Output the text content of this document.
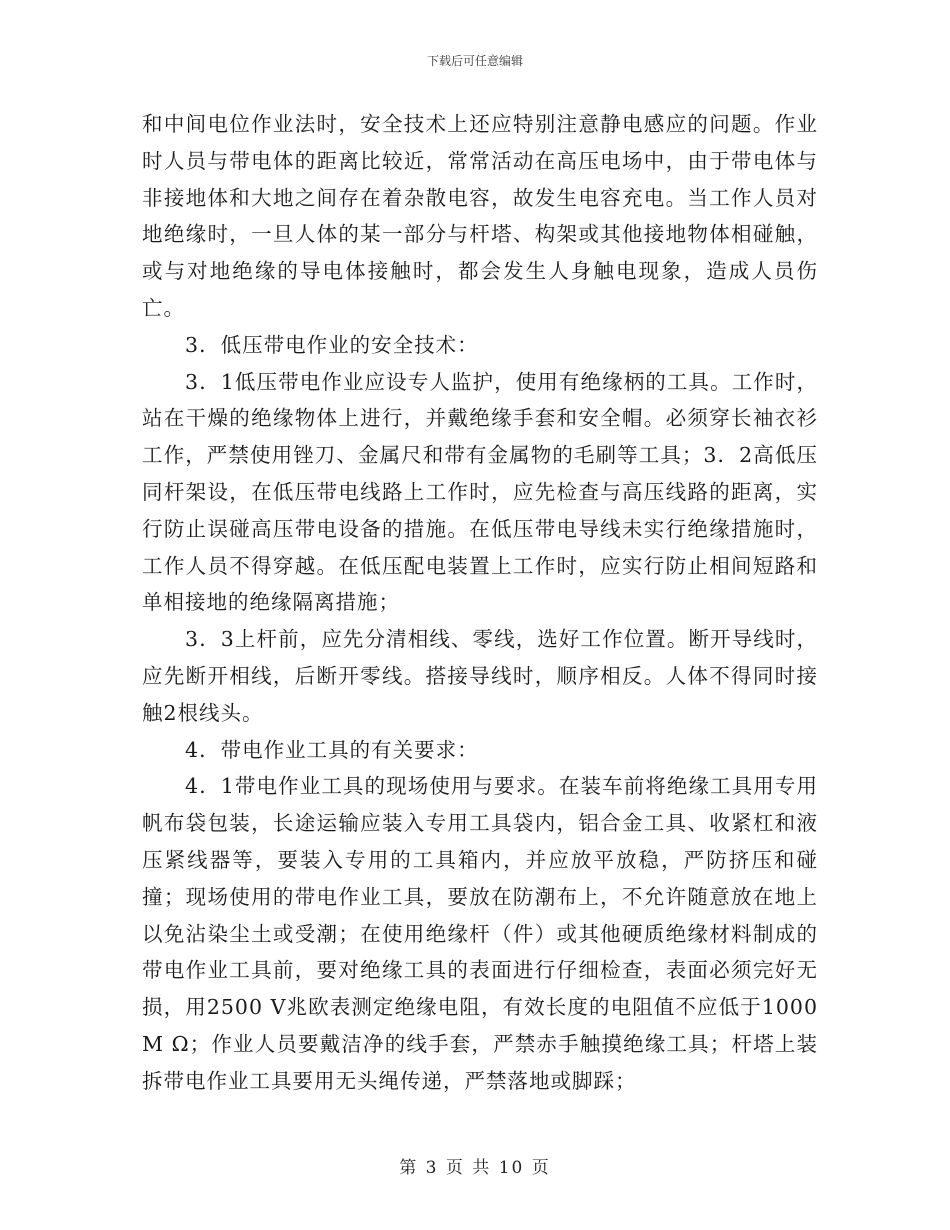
下载后可任意编辑

和中间电位作业法时，安全技术上还应特别注意静电感应的问题。作业时人员与带电体的距离比较近，常常活动在高压电场中，由于带电体与非接地体和大地之间存在着杂散电容，故发生电容充电。当工作人员对地绝缘时，一旦人体的某一部分与杆塔、构架或其他接地物体相碰触，或与对地绝缘的导电体接触时，都会发生人身触电现象，造成人员伤亡。

3．低压带电作业的安全技术：

3．1低压带电作业应设专人监护，使用有绝缘柄的工具。工作时，站在干燥的绝缘物体上进行，并戴绝缘手套和安全帽。必须穿长袖衣衫工作，严禁使用锉刀、金属尺和带有金属物的毛刷等工具；3．2高低压同杆架设，在低压带电线路上工作时，应先检查与高压线路的距离，实行防止误碰高压带电设备的措施。在低压带电导线未实行绝缘措施时，工作人员不得穿越。在低压配电装置上工作时，应实行防止相间短路和单相接地的绝缘隔离措施；

3．3上杆前，应先分清相线、零线，选好工作位置。断开导线时，应先断开相线，后断开零线。搭接导线时，顺序相反。人体不得同时接触2根线头。

4．带电作业工具的有关要求：

4．1带电作业工具的现场使用与要求。在装车前将绝缘工具用专用帆布袋包装，长途运输应装入专用工具袋内，铝合金工具、收紧杠和液压紧线器等，要装入专用的工具箱内，并应放平放稳，严防挤压和碰撞；现场使用的带电作业工具，要放在防潮布上，不允许随意放在地上以免沾染尘土或受潮；在使用绝缘杆（件）或其他硬质绝缘材料制成的带电作业工具前，要对绝缘工具的表面进行仔细检查，表面必须完好无损，用2500 V兆欧表测定绝缘电阻，有效长度的电阻值不应低于1000 M Ω；作业人员要戴洁净的线手套，严禁赤手触摸绝缘工具；杆塔上装拆带电作业工具要用无头绳传递，严禁落地或脚踩；

第 3 页 共 10 页
